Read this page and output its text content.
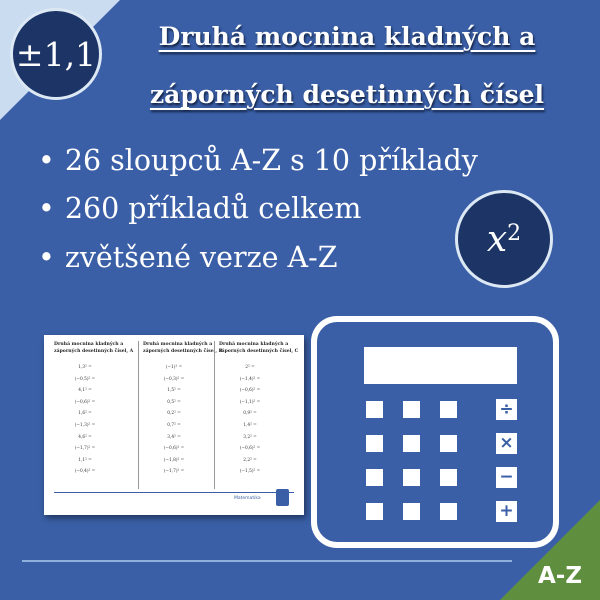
±1,1	Druhá mocnina kladných a
záporných desetinných čísel
• 26 sloupců A-Z s 10 příklady
• 260 příkladů celkem
• zvětšené verze A-Z	$x^2$
Druhá mocnina kladných a
záporných desetinných čísel, A
1,3² =
(−0,5)² =
4,1² =
(−0,6)² =
1,6² =
(−1,3)² =
4,6² =
(−1,7)² =
1,1² =
(−0,4)² =
Druhá mocnina kladných a
záporných desetinných čísel, B
(−1)² =
(−0,3)² =
1,5² =
0,5² =
0,2² =
0,7² =
3,4² =
(−0,6)² =
(−1,8)² =
(−1,7)² =
Druhá mocnina kladných a
záporných desetinných čísel, C
2² =
(−1,4)² =
(−0,6)² =
(−1,1)² =
0,9² =
1,4² =
3,2² =
(−0,6)² =
2,2² =
(−1,5)² =
Matematika
÷
×
−
+
A-Z
